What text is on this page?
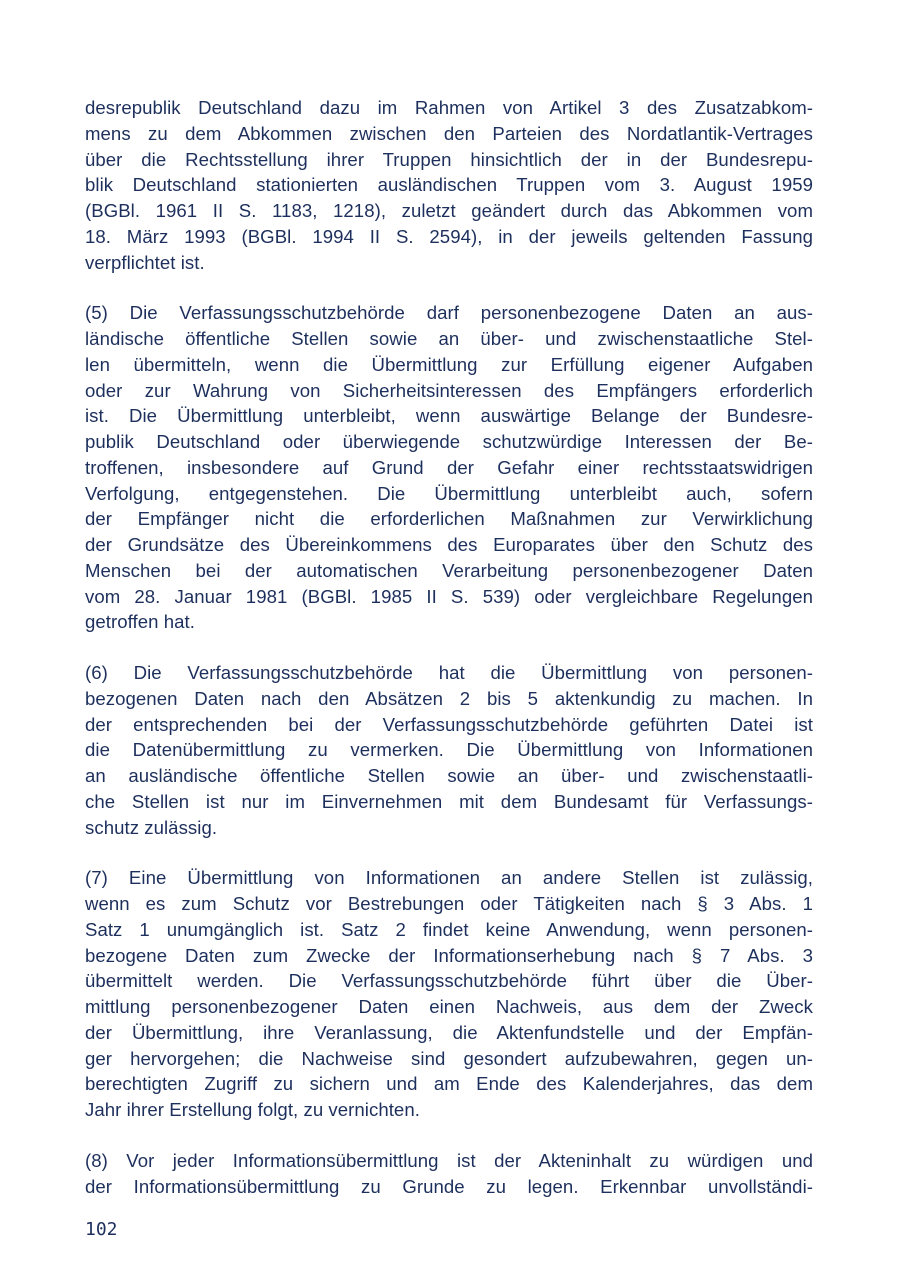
desrepublik Deutschland dazu im Rahmen von Artikel 3 des Zusatzabkom-
mens zu dem Abkommen zwischen den Parteien des Nordatlantik-Vertrages
über die Rechtsstellung ihrer Truppen hinsichtlich der in der Bundesrepu-
blik Deutschland stationierten ausländischen Truppen vom 3. August 1959
(BGBl. 1961 II S. 1183, 1218), zuletzt geändert durch das Abkommen vom
18. März 1993 (BGBl. 1994 II S. 2594), in der jeweils geltenden Fassung
verpflichtet ist.
(5) Die Verfassungsschutzbehörde darf personenbezogene Daten an aus-
ländische öffentliche Stellen sowie an über- und zwischenstaatliche Stel-
len übermitteln, wenn die Übermittlung zur Erfüllung eigener Aufgaben
oder zur Wahrung von Sicherheitsinteressen des Empfängers erforderlich
ist. Die Übermittlung unterbleibt, wenn auswärtige Belange der Bundesre-
publik Deutschland oder überwiegende schutzwürdige Interessen der Be-
troffenen, insbesondere auf Grund der Gefahr einer rechtsstaatswidrigen
Verfolgung, entgegenstehen. Die Übermittlung unterbleibt auch, sofern
der Empfänger nicht die erforderlichen Maßnahmen zur Verwirklichung
der Grundsätze des Übereinkommens des Europarates über den Schutz des
Menschen bei der automatischen Verarbeitung personenbezogener Daten
vom 28. Januar 1981 (BGBl. 1985 II S. 539) oder vergleichbare Regelungen
getroffen hat.
(6) Die Verfassungsschutzbehörde hat die Übermittlung von personen-
bezogenen Daten nach den Absätzen 2 bis 5 aktenkundig zu machen. In
der entsprechenden bei der Verfassungsschutzbehörde geführten Datei ist
die Datenübermittlung zu vermerken. Die Übermittlung von Informationen
an ausländische öffentliche Stellen sowie an über- und zwischenstaatli-
che Stellen ist nur im Einvernehmen mit dem Bundesamt für Verfassungs-
schutz zulässig.
(7) Eine Übermittlung von Informationen an andere Stellen ist zulässig,
wenn es zum Schutz vor Bestrebungen oder Tätigkeiten nach § 3 Abs. 1
Satz 1 unumgänglich ist. Satz 2 findet keine Anwendung, wenn personen-
bezogene Daten zum Zwecke der Informationserhebung nach § 7 Abs. 3
übermittelt werden. Die Verfassungsschutzbehörde führt über die Über-
mittlung personenbezogener Daten einen Nachweis, aus dem der Zweck
der Übermittlung, ihre Veranlassung, die Aktenfundstelle und der Empfän-
ger hervorgehen; die Nachweise sind gesondert aufzubewahren, gegen un-
berechtigten Zugriff zu sichern und am Ende des Kalenderjahres, das dem
Jahr ihrer Erstellung folgt, zu vernichten.
(8) Vor jeder Informationsübermittlung ist der Akteninhalt zu würdigen und
der Informationsübermittlung zu Grunde zu legen. Erkennbar unvollständi-
102
